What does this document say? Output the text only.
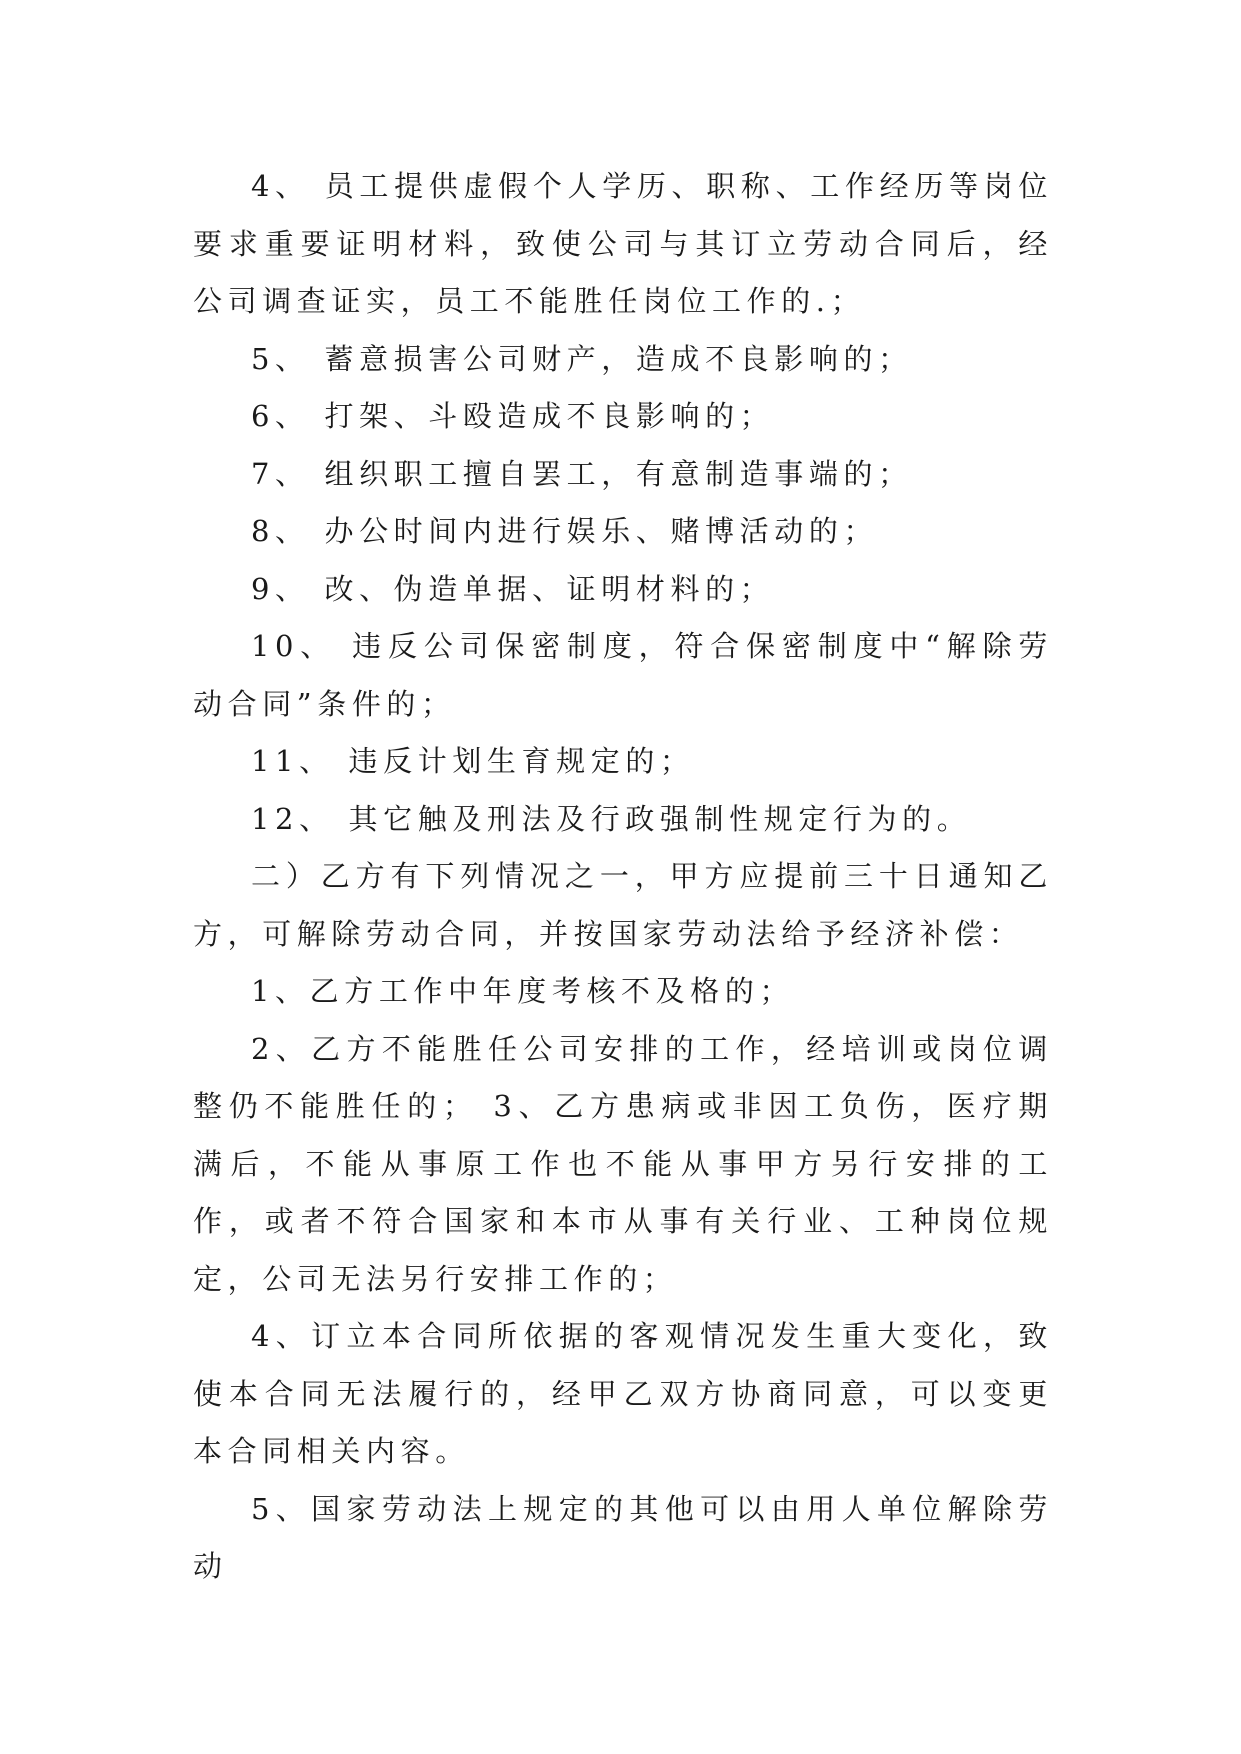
4、 员工提供虚假个人学历、职称、工作经历等岗位要求重要证明材料，致使公司与其订立劳动合同后，经公司调查证实，员工不能胜任岗位工作的.；

5、 蓄意损害公司财产，造成不良影响的；

6、 打架、斗殴造成不良影响的；

7、 组织职工擅自罢工，有意制造事端的；

8、 办公时间内进行娱乐、赌博活动的；

9、 改、伪造单据、证明材料的；

10、 违反公司保密制度，符合保密制度中“解除劳动合同”条件的；

11、 违反计划生育规定的；

12、 其它触及刑法及行政强制性规定行为的。

二）乙方有下列情况之一，甲方应提前三十日通知乙方，可解除劳动合同，并按国家劳动法给予经济补偿：

1、乙方工作中年度考核不及格的；

2、乙方不能胜任公司安排的工作，经培训或岗位调整仍不能胜任的； 3、乙方患病或非因工负伤，医疗期满后，不能从事原工作也不能从事甲方另行安排的工作，或者不符合国家和本市从事有关行业、工种岗位规定，公司无法另行安排工作的；

4、订立本合同所依据的客观情况发生重大变化，致使本合同无法履行的，经甲乙双方协商同意，可以变更本合同相关内容。

5、国家劳动法上规定的其他可以由用人单位解除劳动
